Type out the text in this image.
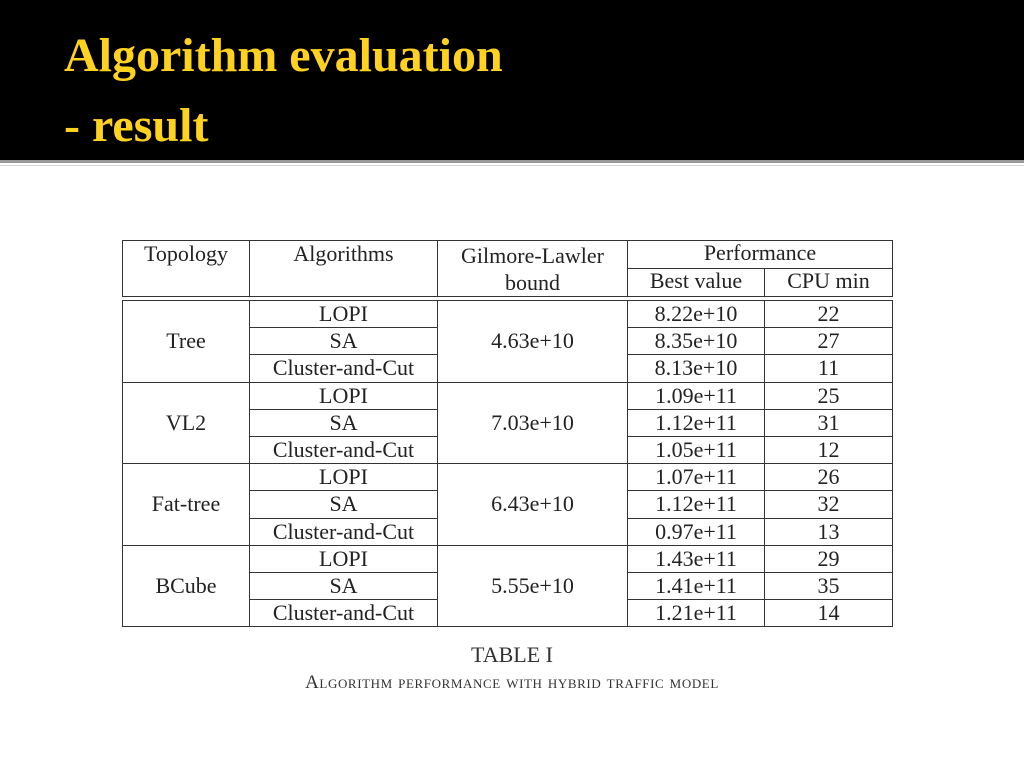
Algorithm evaluation
- result
Topology	Algorithms	Gilmore-Lawler bound	Performance	
			Best value	CPU min
Tree	LOPI	4.63e+10	8.22e+10	22
	SA		8.35e+10	27
	Cluster-and-Cut		8.13e+10	11
VL2	LOPI	7.03e+10	1.09e+11	25
	SA		1.12e+11	31
	Cluster-and-Cut		1.05e+11	12
Fat-tree	LOPI	6.43e+10	1.07e+11	26
	SA		1.12e+11	32
	Cluster-and-Cut		0.97e+11	13
BCube	LOPI	5.55e+10	1.43e+11	29
	SA		1.41e+11	35
	Cluster-and-Cut		1.21e+11	14

TABLE I

Algorithm performance with hybrid traffic model
